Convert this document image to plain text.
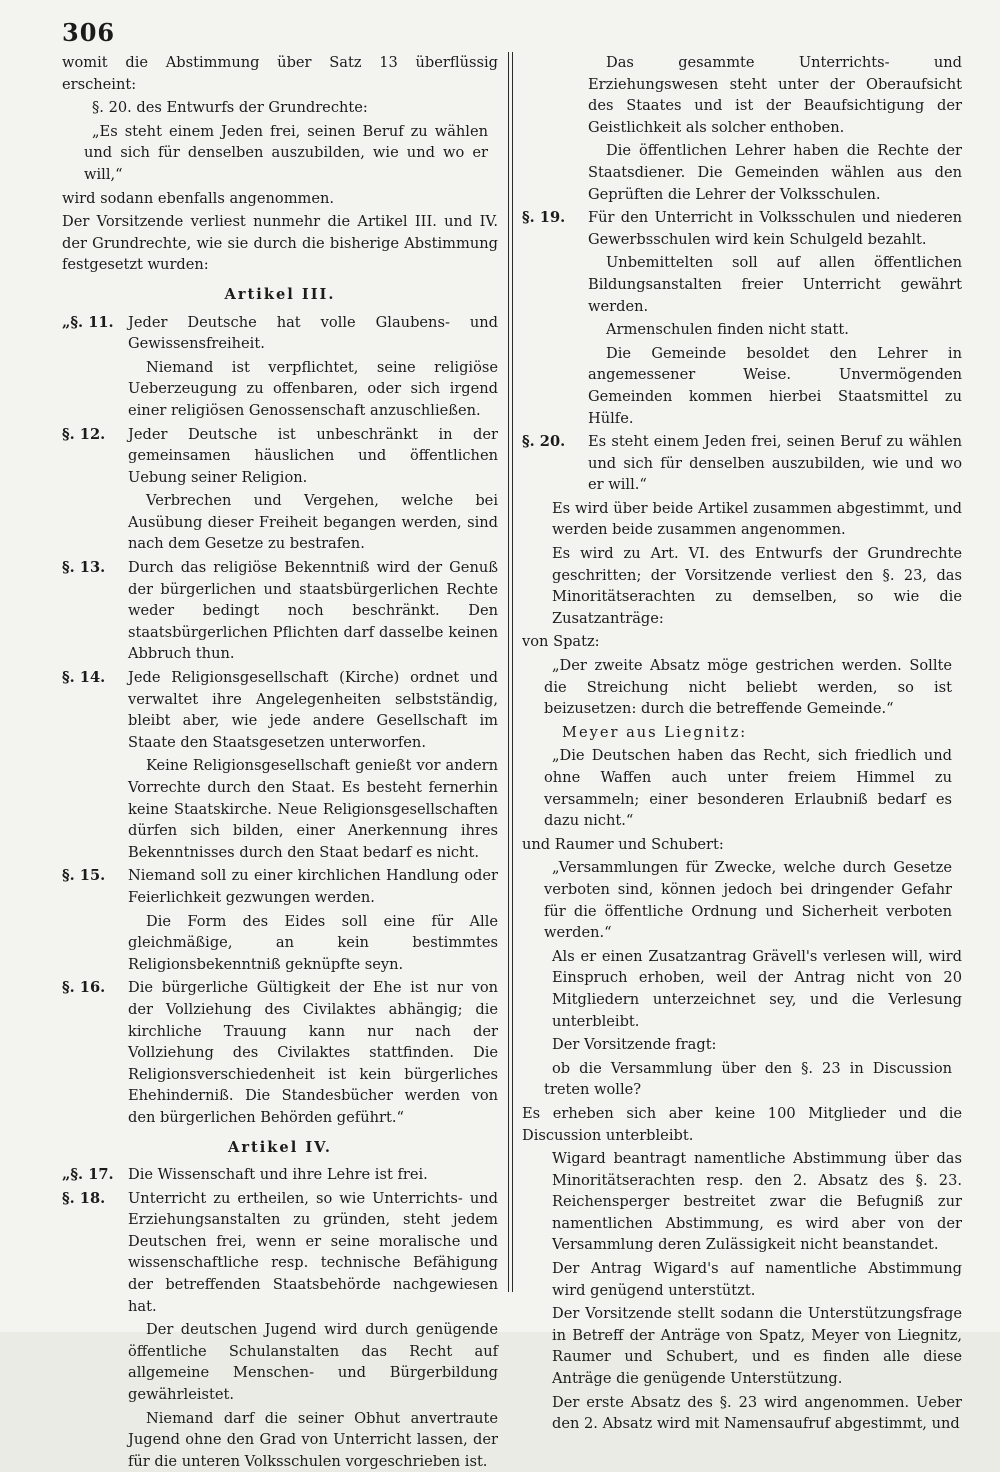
306
womit die Abstimmung über Satz 13 überflüssig erscheint:
§. 20. des Entwurfs der Grundrechte:
„Es steht einem Jeden frei, seinen Beruf zu wählen und sich für denselben auszubilden, wie und wo er will,“
wird sodann ebenfalls angenommen.
Der Vorsitzende verliest nunmehr die Artikel III. und IV. der Grundrechte, wie sie durch die bisherige Abstimmung festgesetzt wurden:
Artikel III.
„§. 11. Jeder Deutsche hat volle Glaubens- und Gewissensfreiheit.
Niemand ist verpflichtet, seine religiöse Ueberzeugung zu offenbaren, oder sich irgend einer religiösen Genossenschaft anzuschließen.
§. 12.	Jeder Deutsche ist unbeschränkt in der gemeinsamen häuslichen und öffentlichen Uebung seiner Religion.
Verbrechen und Vergehen, welche bei Ausübung dieser Freiheit begangen werden, sind nach dem Gesetze zu bestrafen.
§. 13.	Durch das religiöse Bekenntniß wird der Genuß der bürgerlichen und staatsbürgerlichen Rechte weder bedingt noch beschränkt. Den staatsbürgerlichen Pflichten darf dasselbe keinen Abbruch thun.
§. 14.	Jede Religionsgesellschaft (Kirche) ordnet und verwaltet ihre Angelegenheiten selbstständig, bleibt aber, wie jede andere Gesellschaft im Staate den Staatsgesetzen unterworfen.
Keine Religionsgesellschaft genießt vor andern Vorrechte durch den Staat. Es besteht fernerhin keine Staatskirche. Neue Religionsgesellschaften dürfen sich bilden, einer Anerkennung ihres Bekenntnisses durch den Staat bedarf es nicht.
§. 15.	Niemand soll zu einer kirchlichen Handlung oder Feierlichkeit gezwungen werden.
Die Form des Eides soll eine für Alle gleichmäßige, an kein bestimmtes Religionsbekenntniß geknüpfte seyn.
§. 16.	Die bürgerliche Gültigkeit der Ehe ist nur von der Vollziehung des Civilaktes abhängig; die kirchliche Trauung kann nur nach der Vollziehung des Civilaktes stattfinden. Die Religionsverschiedenheit ist kein bürgerliches Ehehinderniß. Die Standesbücher werden von den bürgerlichen Behörden geführt.“
Artikel IV.
„§. 17. Die Wissenschaft und ihre Lehre ist frei.
§. 18.	Unterricht zu ertheilen, so wie Unterrichts- und Erziehungsanstalten zu gründen, steht jedem Deutschen frei, wenn er seine moralische und wissenschaftliche resp. technische Befähigung der betreffenden Staatsbehörde nachgewiesen hat.
Der deutschen Jugend wird durch genügende öffentliche Schulanstalten das Recht auf allgemeine Menschen- und Bürgerbildung gewährleistet.
Niemand darf die seiner Obhut anvertraute Jugend ohne den Grad von Unterricht lassen, der für die unteren Volksschulen vorgeschrieben ist.
Das gesammte Unterrichts- und Erziehungswesen steht unter der Oberaufsicht des Staates und ist der Beaufsichtigung der Geistlichkeit als solcher enthoben.
Die öffentlichen Lehrer haben die Rechte der Staatsdiener. Die Gemeinden wählen aus den Geprüften die Lehrer der Volksschulen.
§. 19.	Für den Unterricht in Volksschulen und niederen Gewerbsschulen wird kein Schulgeld bezahlt.
Unbemittelten soll auf allen öffentlichen Bildungsanstalten freier Unterricht gewährt werden.
Armenschulen finden nicht statt.
Die Gemeinde besoldet den Lehrer in angemessener Weise. Unvermögenden Gemeinden kommen hierbei Staatsmittel zu Hülfe.
§. 20.	Es steht einem Jeden frei, seinen Beruf zu wählen und sich für denselben auszubilden, wie und wo er will.“
Es wird über beide Artikel zusammen abgestimmt, und werden beide zusammen angenommen.
Es wird zu Art. VI. des Entwurfs der Grundrechte geschritten; der Vorsitzende verliest den §. 23, das Minoritätserachten zu demselben, so wie die Zusatzanträge:
von Spatz:
„Der zweite Absatz möge gestrichen werden. Sollte die Streichung nicht beliebt werden, so ist beizusetzen: durch die betreffende Gemeinde.“
Meyer aus Liegnitz:
„Die Deutschen haben das Recht, sich friedlich und ohne Waffen auch unter freiem Himmel zu versammeln; einer besonderen Erlaubniß bedarf es dazu nicht.“
und Raumer und Schubert:
„Versammlungen für Zwecke, welche durch Gesetze verboten sind, können jedoch bei dringender Gefahr für die öffentliche Ordnung und Sicherheit verboten werden.“
Als er einen Zusatzantrag Grävell's verlesen will, wird Einspruch erhoben, weil der Antrag nicht von 20 Mitgliedern unterzeichnet sey, und die Verlesung unterbleibt.
Der Vorsitzende fragt:
ob die Versammlung über den §. 23 in Discussion treten wolle?
Es erheben sich aber keine 100 Mitglieder und die Discussion unterbleibt.
Wigard beantragt namentliche Abstimmung über das Minoritätserachten resp. den 2. Absatz des §. 23. Reichensperger bestreitet zwar die Befugniß zur namentlichen Abstimmung, es wird aber von der Versammlung deren Zulässigkeit nicht beanstandet.
Der Antrag Wigard's auf namentliche Abstimmung wird genügend unterstützt.
Der Vorsitzende stellt sodann die Unterstützungsfrage in Betreff der Anträge von Spatz, Meyer von Liegnitz, Raumer und Schubert, und es finden alle diese Anträge die genügende Unterstützung.
Der erste Absatz des §. 23 wird angenommen. Ueber den 2. Absatz wird mit Namensaufruf abgestimmt, und
